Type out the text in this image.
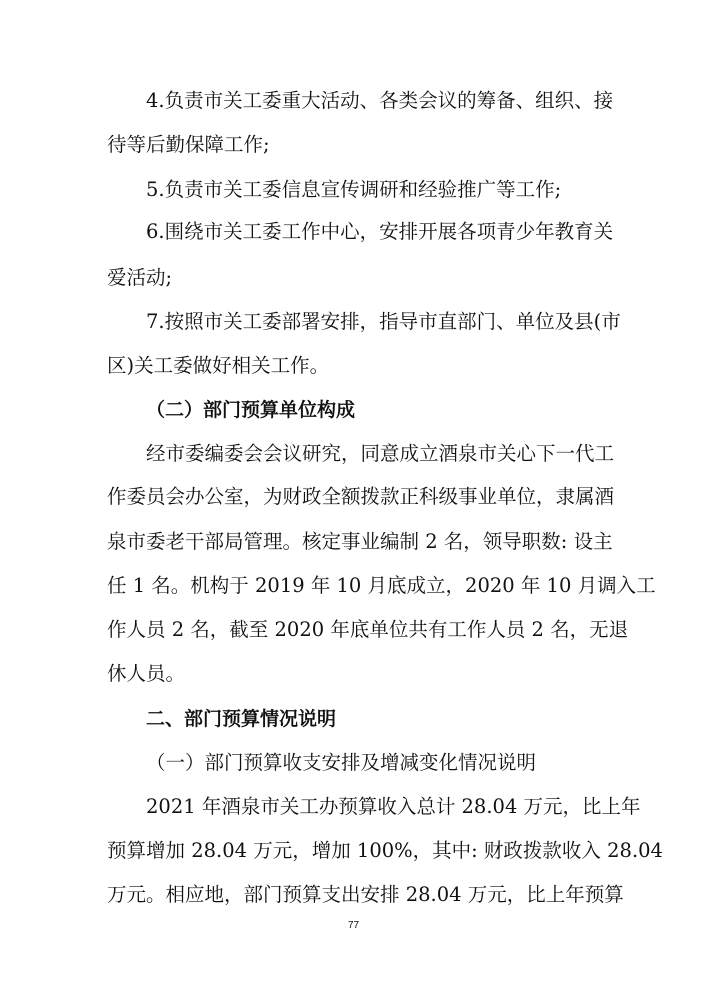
4.负责市关工委重大活动、各类会议的筹备、组织、接
待等后勤保障工作;
5.负责市关工委信息宣传调研和经验推广等工作;
6.围绕市关工委工作中心，安排开展各项青少年教育关
爱活动;
7.按照市关工委部署安排，指导市直部门、单位及县(市
区)关工委做好相关工作。
（二）部门预算单位构成
经市委编委会会议研究，同意成立酒泉市关心下一代工
作委员会办公室，为财政全额拨款正科级事业单位，隶属酒
泉市委老干部局管理。核定事业编制 2 名，领导职数: 设主
任 1 名。机构于 2019 年 10 月底成立，2020 年 10 月调入工
作人员 2 名，截至 2020 年底单位共有工作人员 2 名，无退
休人员。
二、部门预算情况说明
（一）部门预算收支安排及增减变化情况说明
2021 年酒泉市关工办预算收入总计 28.04 万元，比上年
预算增加 28.04 万元，增加 100%，其中: 财政拨款收入 28.04
万元。相应地，部门预算支出安排 28.04 万元，比上年预算
77
